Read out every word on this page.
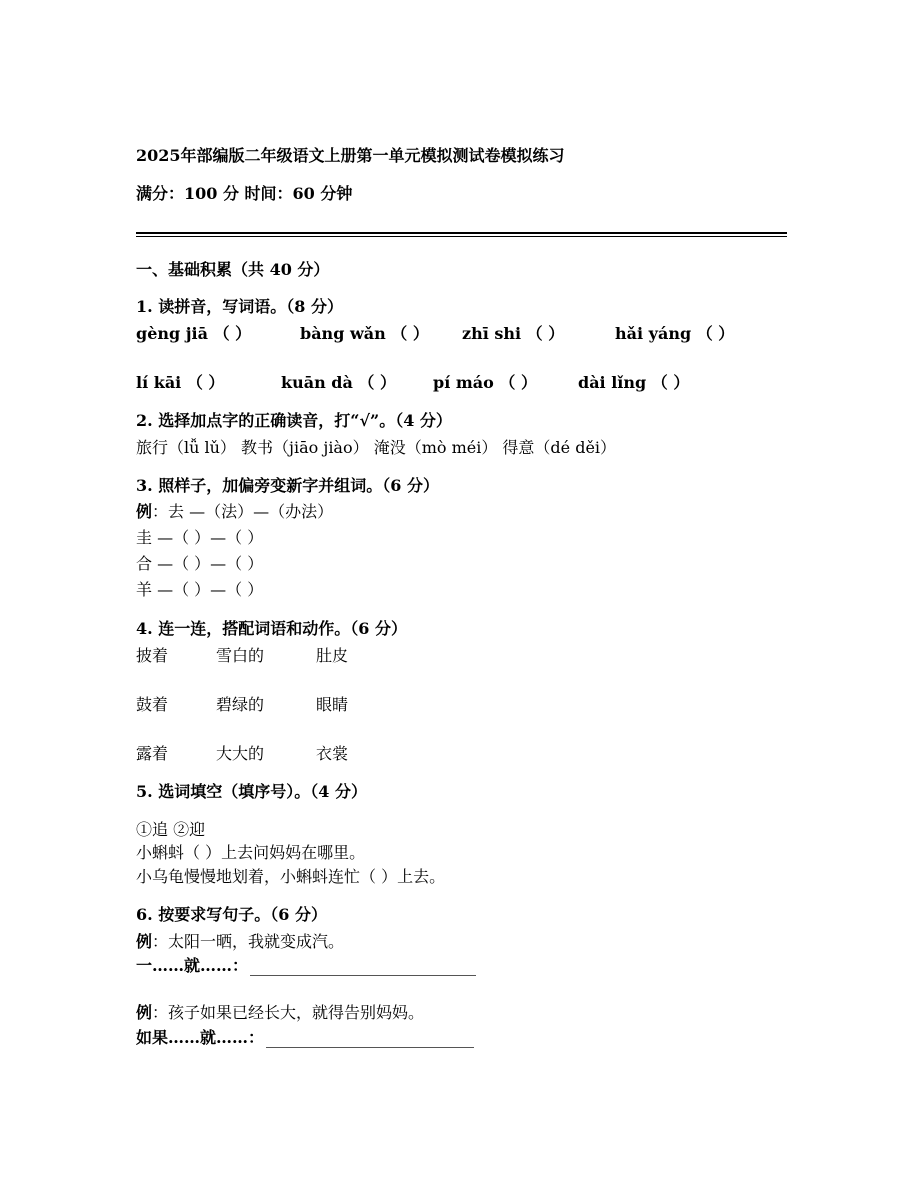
2025年部编版二年级语文上册第一单元模拟测试卷模拟练习
满分：100 分 时间：60 分钟
一、基础积累（共 40 分）
1. 读拼音，写词语。（8 分）
gèng jiā （ ）	bàng wǎn （ ） zhī shi （ ）	hǎi yáng （ ）
lí kāi （ ）	kuān dà （ ） pí máo （ ）	dài lǐng （ ）
2. 选择加点字的正确读音，打“√”。（4 分）
旅行（lǚ lǔ） 教书（jiāo jiào） 淹没（mò méi） 得意（dé děi）
3. 照样子，加偏旁变新字并组词。（6 分）
例：去 —（法）—（办法）
圭 —（ ）—（ ）
合 —（ ）—（ ）
羊 —（ ）—（ ）
4. 连一连，搭配词语和动作。（6 分）
披着	雪白的	肚皮
鼓着	碧绿的	眼睛
露着	大大的	衣裳
5. 选词填空（填序号）。（4 分）
①追 ②迎
小蝌蚪（ ）上去问妈妈在哪里。
小乌龟慢慢地划着，小蝌蚪连忙（ ）上去。
6. 按要求写句子。（6 分）
例：太阳一晒，我就变成汽。
一……就……：
例：孩子如果已经长大，就得告别妈妈。
如果……就……：
